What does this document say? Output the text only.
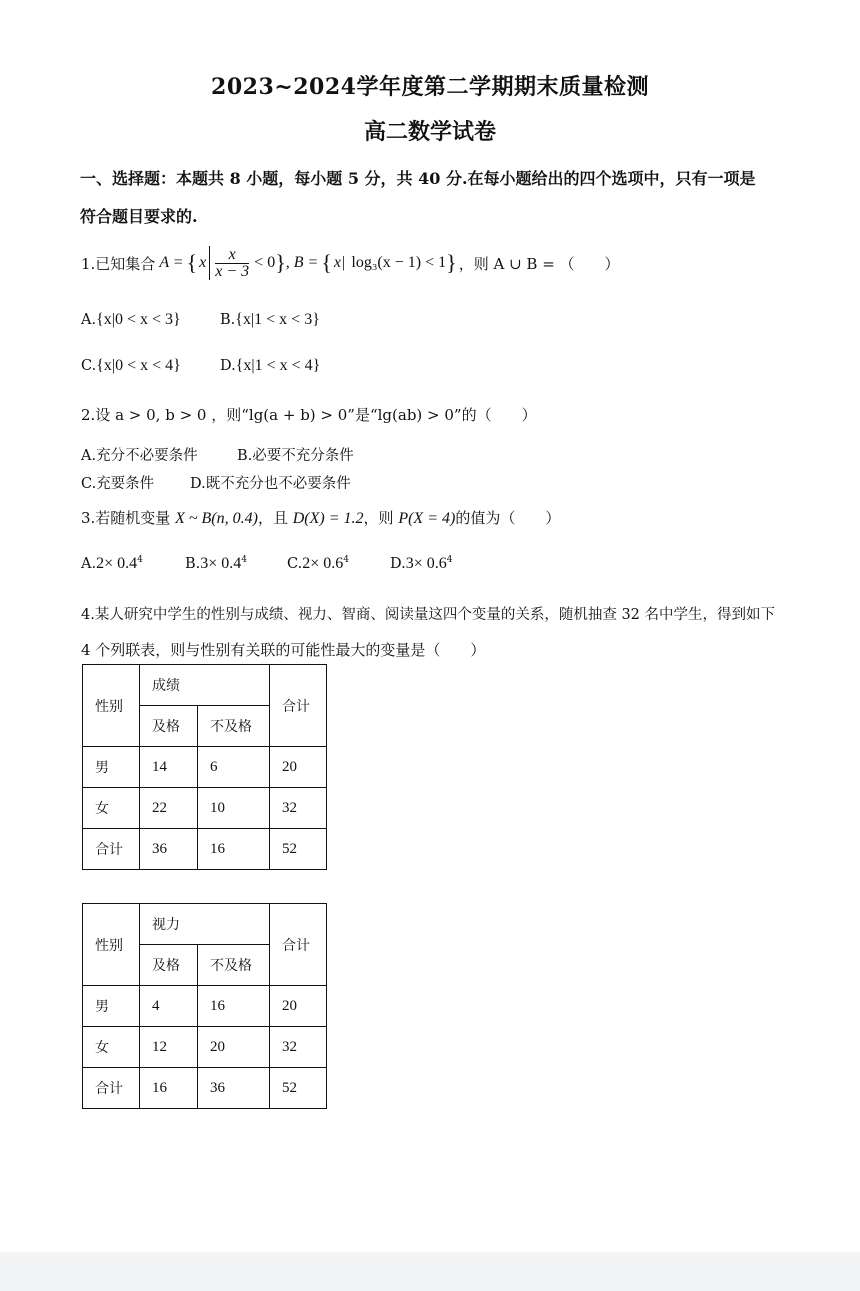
2023~2024学年度第二学期期末质量检测
高二数学试卷
一、选择题：本题共 8 小题，每小题 5 分，共 40 分.在每小题给出的四个选项中，只有一项是
符合题目要求的.
1.已知集合 A = { x $\frac{x}{x - 3} < 0$ } , B = { x| log₃(x − 1) < 1 } ，则 A ∪ B = （　　）
A.{x|0 < x < 3}	B.{x|1 < x < 3}
C.{x|0 < x < 4}	D.{x|1 < x < 4}
2.设 a > 0, b > 0 ，则“lg(a + b) > 0”是“lg(ab) > 0”的（　　）
A.充分不必要条件	B.必要不充分条件
C.充要条件 D.既不充分也不必要条件
3.若随机变量 X ~ B(n, 0.4)，且 D(X) = 1.2，则 P(X = 4)的值为（　　）
$A.2\times 0.4^4$	$B.3\times 0.4^4$	$C.2\times 0.6^4$	$D.3\times 0.6^4$
4.某人研究中学生的性别与成绩、视力、智商、阅读量这四个变量的关系，随机抽查 32 名中学生，得到如下
4 个列联表，则与性别有关联的可能性最大的变量是（　　）
性别	成绩		合计
	及格	不及格	
男	14	6	20
女	22	10	32
合计	36	16	52
性别	视力		合计
	及格	不及格	
男	4	16	20
女	12	20	32
合计	16	36	52
